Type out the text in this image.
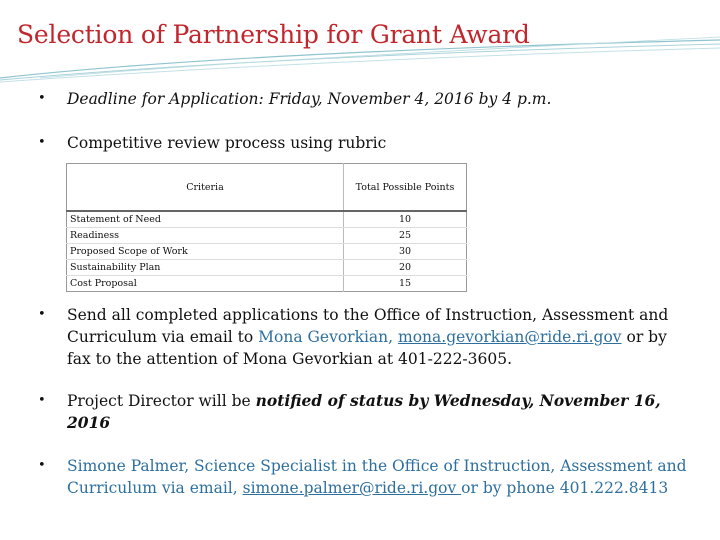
Selection of Partnership for Grant Award
• Deadline for Application: Friday, November 4, 2016 by 4 p.m.
• Competitive review process using rubric
Criteria	Total Possible Points
Statement of Need	10
Readiness	25
Proposed Scope of Work	30
Sustainability Plan	20
Cost Proposal	15
• Send all completed applications to the Office of Instruction, Assessment and Curriculum via email to Mona Gevorkian, mona.gevorkian@ride.ri.gov or by fax to the attention of Mona Gevorkian at 401-222-3605.
• Project Director will be notified of status by Wednesday, November 16, 2016
• Simone Palmer, Science Specialist in the Office of Instruction, Assessment and Curriculum via email, simone.palmer@ride.ri.gov or by phone 401.222.8413
